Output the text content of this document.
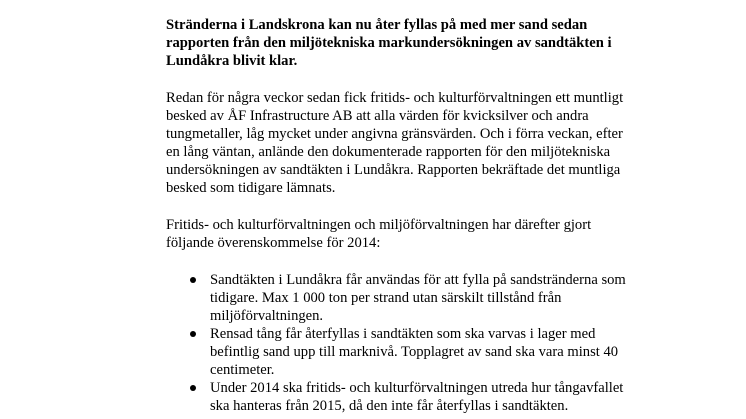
Stränderna i Landskrona kan nu åter fyllas på med mer sand sedan
rapporten från den miljötekniska markundersökningen av sandtäkten i
Lundåkra blivit klar.

Redan för några veckor sedan fick fritids- och kulturförvaltningen ett muntligt
besked av ÅF Infrastructure AB att alla värden för kvicksilver och andra
tungmetaller, låg mycket under angivna gränsvärden. Och i förra veckan, efter
en lång väntan, anlände den dokumenterade rapporten för den miljötekniska
undersökningen av sandtäkten i Lundåkra. Rapporten bekräftade det muntliga
besked som tidigare lämnats.

Fritids- och kulturförvaltningen och miljöförvaltningen har därefter gjort
följande överenskommelse för 2014:

Sandtäkten i Lundåkra får användas för att fylla på sandstränderna som
tidigare. Max 1 000 ton per strand utan särskilt tillstånd från
miljöförvaltningen.
Rensad tång får återfyllas i sandtäkten som ska varvas i lager med
befintlig sand upp till marknivå. Topplagret av sand ska vara minst 40
centimeter.
Under 2014 ska fritids- och kulturförvaltningen utreda hur tångavfallet
ska hanteras från 2015, då den inte får återfyllas i sandtäkten.
